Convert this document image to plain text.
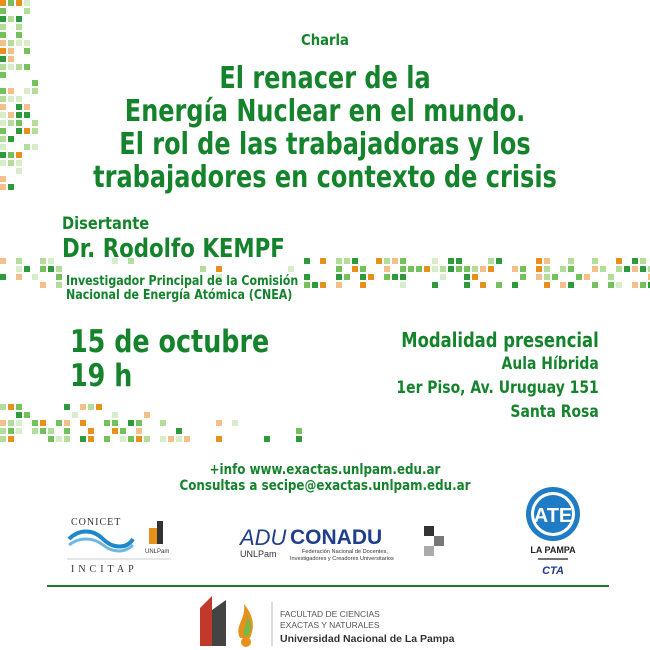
Charla
El renacer de la
Energía Nuclear en el mundo.
El rol de las trabajadoras y los
trabajadores en contexto de crisis
Disertante
Dr. Rodolfo KEMPF
Investigador Principal de la Comisión
Nacional de Energía Atómica (CNEA)
15 de octubre
19 h
Modalidad presencial
Aula Híbrida
1er Piso, Av. Uruguay 151
Santa Rosa
+info www.exactas.unlpam.edu.ar
Consultas a secipe@exactas.unlpam.edu.ar
CONICET
UNLPam
INCITAP
ADU
UNLPam
CONADU
Federación Nacional de Docentes,
Investigadores y Creadores Universitarios
ATE
LA PAMPA
CTA
FACULTAD DE CIENCIAS
EXACTAS Y NATURALES
Universidad Nacional de La Pampa
